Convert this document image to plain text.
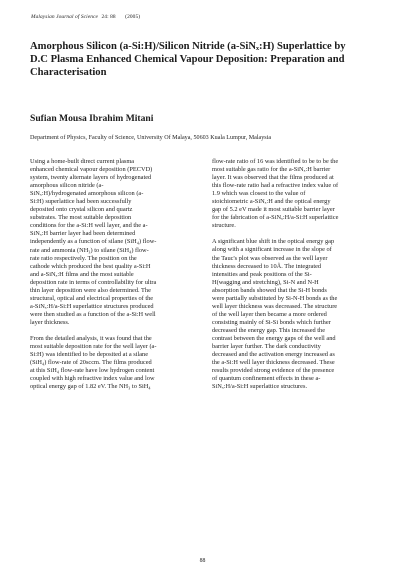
Malaysian Journal of Science 24: 88 (2005)
Amorphous Silicon (a-Si:H)/Silicon Nitride (a-SiNₓ:H) Superlattice by
D.C Plasma Enhanced Chemical Vapour Deposition: Preparation and
Characterisation
Sufian Mousa Ibrahim Mitani
Department of Physics, Faculty of Science, University Of Malaya, 50603 Kuala Lumpur, Malaysia
Using a home-built direct current plasma
enhanced chemical vapour deposition (PECVD)
system, twenty alternate layers of hydrogenated
amorphous silicon nitride (a-
SiNₓ:H)/hydrogenated amorphous silicon (a-
Si:H) superlattice had been successfully
deposited onto crystal silicon and quartz
substrates. The most suitable deposition
conditions for the a-Si:H well layer, and the a-
SiNₓ:H barrier layer had been determined
independently as a function of silane (SiH₄) flow-
rate and ammonia (NH₃) to silane (SiH₄) flow-
rate ratio respectively. The position on the
cathode which produced the best quality a-Si:H
and a-SiNₓ:H films and the most suitable
deposition rate in terms of controllability for ultra
thin layer deposition were also determined. The
structural, optical and electrical properties of the
a-SiNₓ:H/a-Si:H superlattice structures produced
were then studied as a function of the a-Si:H well
layer thickness.
From the detailed analysis, it was found that the
most suitable deposition rate for the well layer (a-
Si:H) was identified to be deposited at a silane
(SiH₄) flow-rate of 20sccm. The films produced
at this SiH₄ flow-rate have low hydrogen content
coupled with high refractive index value and low
optical energy gap of 1.82 eV. The NH₃ to SiH₄
flow-rate ratio of 16 was identified to be to be the
most suitable gas ratio for the a-SiNₓ:H barrier
layer. It was observed that the films produced at
this flow-rate ratio had a refractive index value of
1.9 which was closest to the value of
stoichiometric a-SiNₓ:H and the optical energy
gap of 5.2 eV made it most suitable barrier layer
for the fabrication of a-SiNₓ:H/a-Si:H superlattice
structure.
A significant blue shift in the optical energy gap
along with a significant increase in the slope of
the Tauc's plot was observed as the well layer
thickness decreased to 10Å. The integrated
intensities and peak positions of the Si-
H(wagging and stretching), Si-N and N-H
absorption bands showed that the Si-H bonds
were partially substituted by Si-N-H bonds as the
well layer thickness was decreased. The structure
of the well layer then became a more ordered
consisting mainly of Si-Si bonds which further
decreased the energy gap. This increased the
contrast between the energy gaps of the well and
barrier layer further. The dark conductivity
decreased and the activation energy increased as
the a-Si:H well layer thickness decreased. These
results provided strong evidence of the presence
of quantum confinement effects in these a-
SiNₓ:H/a-Si:H superlattice structures.
88
